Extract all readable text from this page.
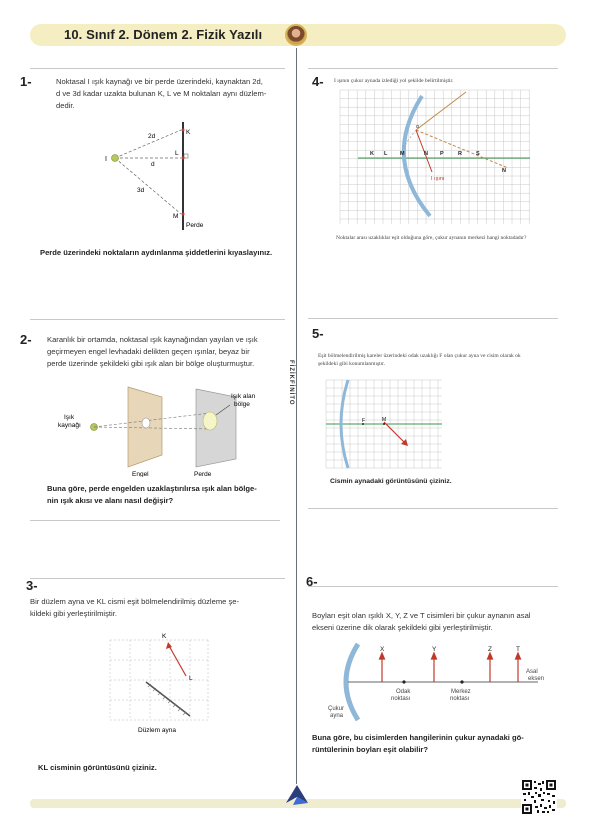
10. Sınıf 2. Dönem 2. Fizik Yazılı
FİZİKFİNİTO
1-	Noktasal I ışık kaynağı ve bir perde üzerindeki, kaynaktan 2d,
d ve 3d kadar uzakta bulunan K, L ve M noktaları aynı düzlem-
dedir.
I
K
L
M
2d
d
3d
Perde
Perde üzerindeki noktaların aydınlanma şiddetlerini kıyaslayınız.
2- Karanlık bir ortamda, noktasal ışık kaynağından yayılan ve ışık
geçirmeyen engel levhadaki delikten geçen ışınlar, beyaz bir
perde üzerinde şekildeki gibi ışık alan bir bölge oluşturmuştur.
Işık
kaynağı
Işık alan
bölge
Engel	Perde
Buna göre, perde engelden uzaklaştırılırsa ışık alan bölge-
nin ışık akısı ve alanı nasıl değişir?
3-
Bir düzlem ayna ve KL cismi eşit bölmelendirilmiş düzleme şe-
kildeki gibi yerleştirilmiştir.
K
L
Düzlem ayna
KL cisminin görüntüsünü çiziniz.
4- I ışının çukur aynada izlediği yol şekilde belirtilmiştir.
α
K L M	N P	R	S
N
I ışını
Noktalar arası uzaklıklar eşit olduğuna göre, çukur aynanın merkezi hangi noktadadır?
5-
Eşit bölmelendirilmiş kareler üzerindeki odak uzaklığı F olan çukur ayna ve cisim olarak ok
şekildeki gibi konumlanmıştır.
F	M
Cismin aynadaki görüntüsünü çiziniz.
6-
Boyları eşit olan ışıklı X, Y, Z ve T cisimleri bir çukur aynanın asal
ekseni üzerine dik olarak şekildeki gibi yerleştirilmiştir.
X	Y	Z	T
Asal
eksen
Odak
noktası
Merkez
noktası
Çukur
ayna
Buna göre, bu cisimlerden hangilerinin çukur aynadaki gö-
rüntülerinin boyları eşit olabilir?
